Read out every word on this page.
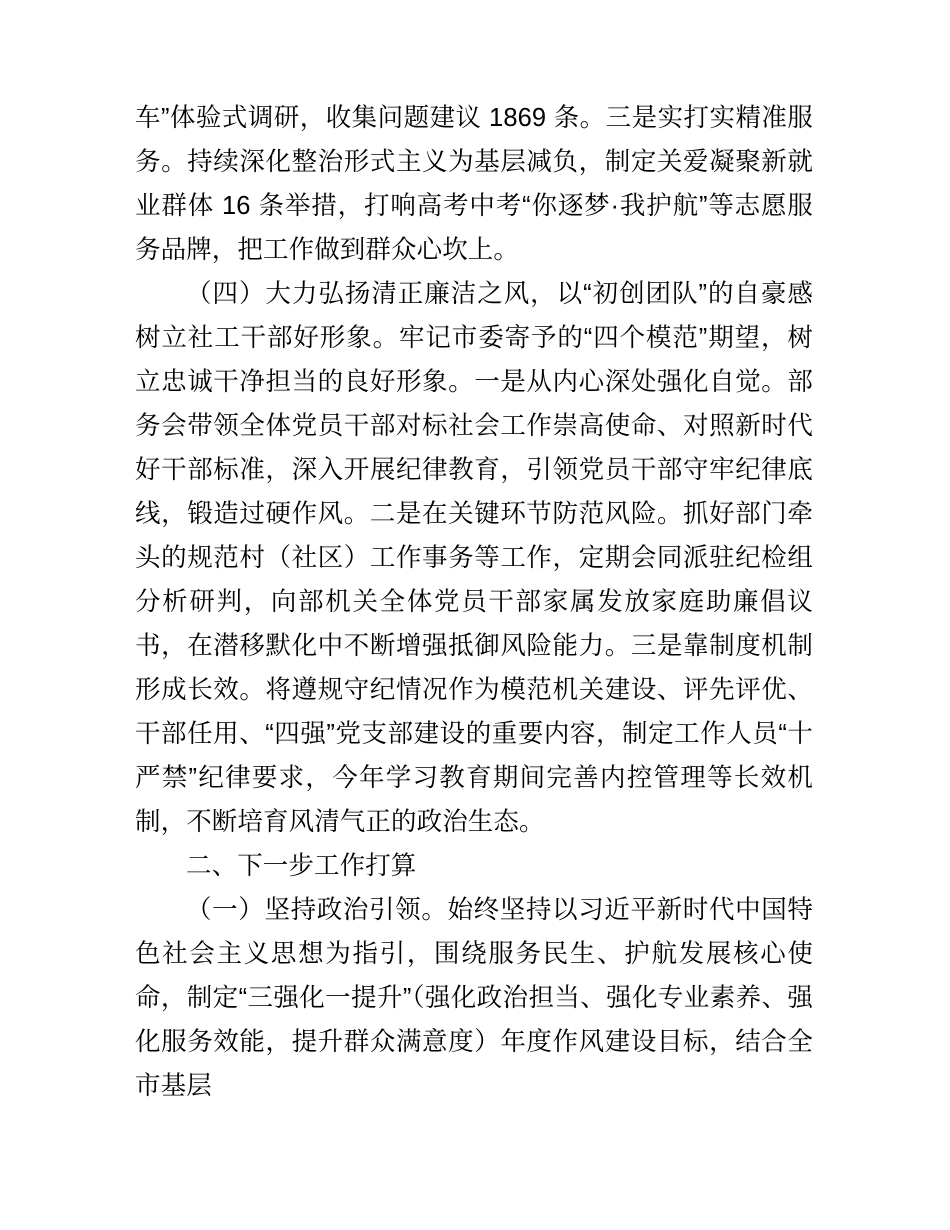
车”体验式调研，收集问题建议 1869 条。三是实打实精准服务。持续深化整治形式主义为基层减负，制定关爱凝聚新就业群体 16 条举措，打响高考中考“你逐梦·我护航”等志愿服务品牌，把工作做到群众心坎上。

（四）大力弘扬清正廉洁之风，以“初创团队”的自豪感树立社工干部好形象。牢记市委寄予的“四个模范”期望，树立忠诚干净担当的良好形象。一是从内心深处强化自觉。部务会带领全体党员干部对标社会工作崇高使命、对照新时代好干部标准，深入开展纪律教育，引领党员干部守牢纪律底线，锻造过硬作风。二是在关键环节防范风险。抓好部门牵头的规范村（社区）工作事务等工作，定期会同派驻纪检组分析研判，向部机关全体党员干部家属发放家庭助廉倡议书，在潜移默化中不断增强抵御风险能力。三是靠制度机制形成长效。将遵规守纪情况作为模范机关建设、评先评优、干部任用、“四强”党支部建设的重要内容，制定工作人员“十严禁”纪律要求，今年学习教育期间完善内控管理等长效机制，不断培育风清气正的政治生态。

二、下一步工作打算

（一）坚持政治引领。始终坚持以习近平新时代中国特色社会主义思想为指引，围绕服务民生、护航发展核心使命，制定“三强化一提升”（强化政治担当、强化专业素养、强化服务效能，提升群众满意度）年度作风建设目标，结合全市基层
